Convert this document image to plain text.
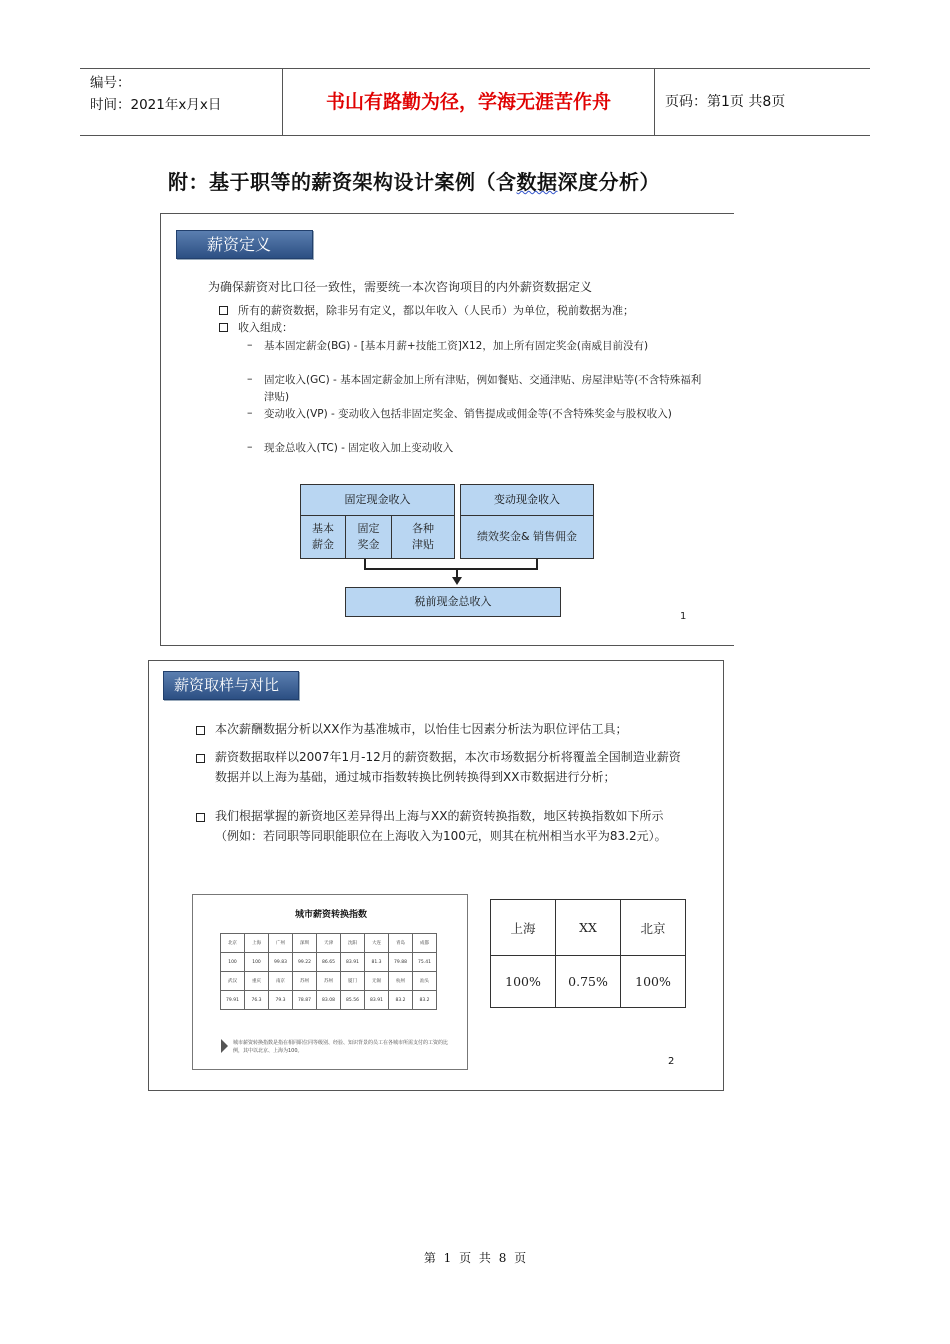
编号：
时间：2021年x月x日	书山有路勤为径，学海无涯苦作舟	页码：第1页 共8页
附：基于职等的薪资架构设计案例（含数据深度分析）
薪资定义
为确保薪资对比口径一致性，需要统一本次咨询项目的内外薪资数据定义
所有的薪资数据，除非另有定义，都以年收入（人民币）为单位，税前数据为准；
收入组成：
– 基本固定薪金(BG) - [基本月薪+技能工资]X12，加上所有固定奖金(南威目前没有)
– 固定收入(GC) - 基本固定薪金加上所有津贴，例如餐贴、交通津贴、房屋津贴等(不含特殊福利津贴)
– 变动收入(VP) - 变动收入包括非固定奖金、销售提成或佣金等(不含特殊奖金与股权收入)
– 现金总收入(TC) - 固定收入加上变动收入
固定现金收入	变动现金收入
基本
薪金
固定
奖金
各种
津贴
绩效奖金& 销售佣金
税前现金总收入
1
薪资取样与对比
本次薪酬数据分析以XX作为基准城市，以怡佳七因素分析法为职位评估工具；
薪资数据取样以2007年1月-12月的薪资数据，本次市场数据分析将覆盖全国制造业薪资数据并以上海为基础，通过城市指数转换比例转换得到XX市数据进行分析；
我们根据掌握的新资地区差异得出上海与XX的薪资转换指数，地区转换指数如下所示（例如：若同职等同职能职位在上海收入为100元，则其在杭州相当水平为83.2元）。
城市薪资转换指数
北京	上海	广州	深圳	天津	沈阳	大连	青岛	成都
100	100	99.83	99.22	86.65	83.91	81.3	79.88	75.41
武汉	重庆	南京	苏州	苏州	厦门	无锡	杭州	汕头
79.91	76.3	79.3	78.87	83.08	85.56	83.91	83.2	83.2
城市薪资转换指数是指在相同职位同等级别、经验、知识背景的员工在各城市所需支付的工资的比例，其中以北京、上海为100。
上海	XX	北京
100%	0.75%	100%
2
第 1 页 共 8 页
